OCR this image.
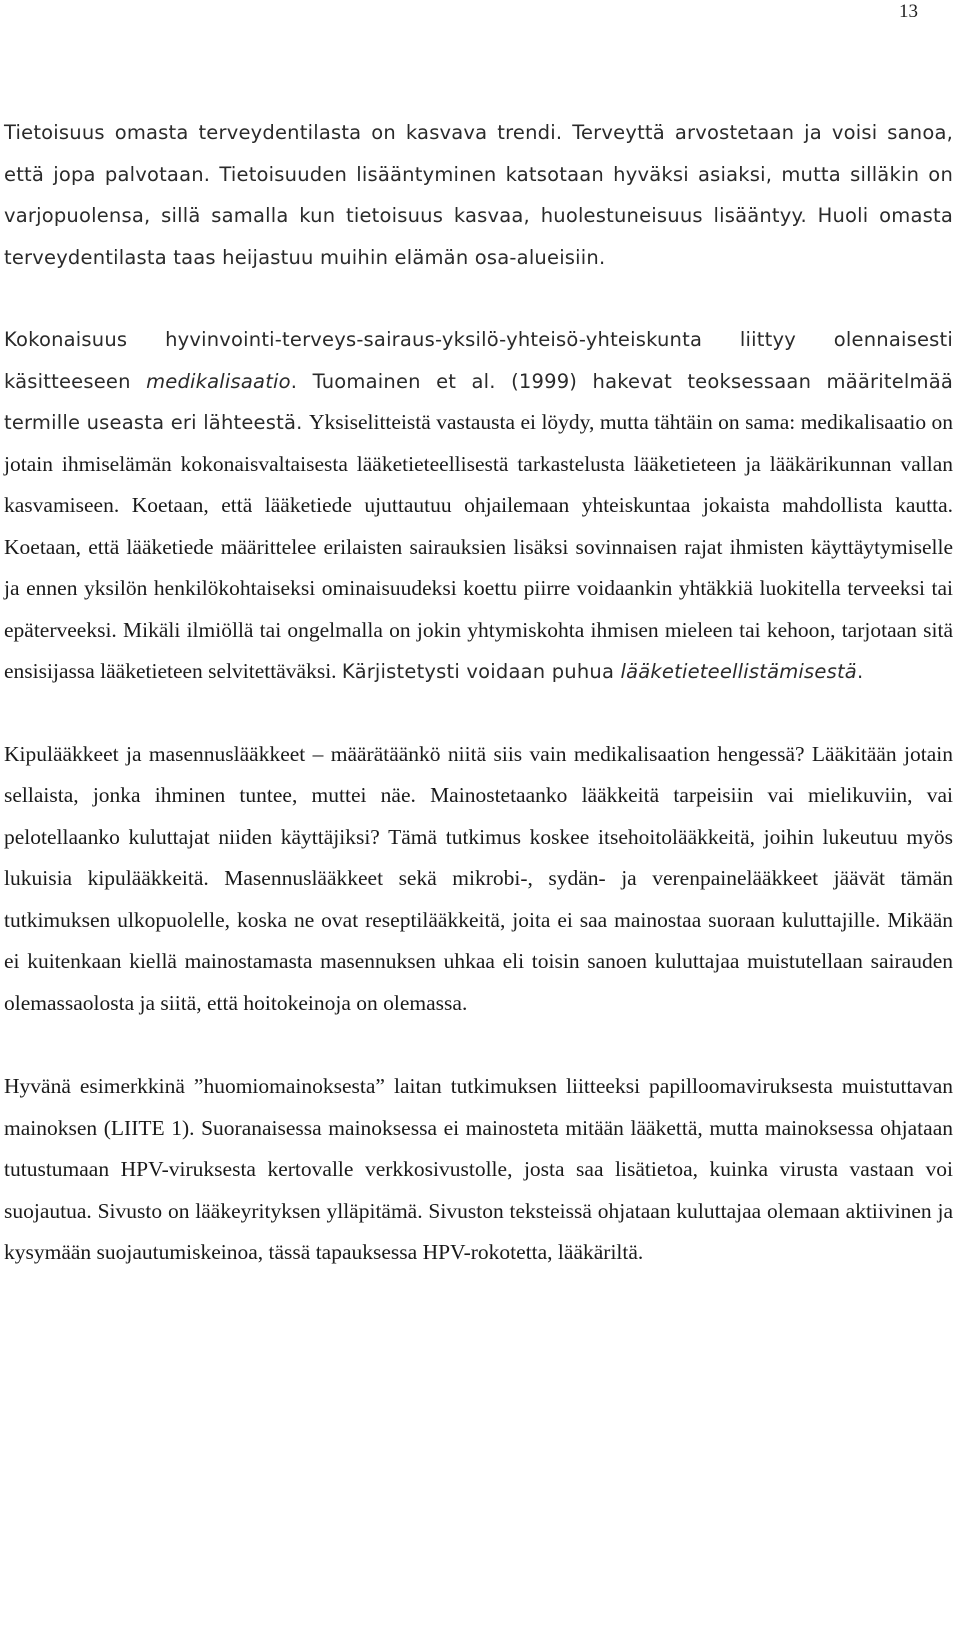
13

Tietoisuus omasta terveydentilasta on kasvava trendi. Terveyttä arvostetaan ja voisi sanoa, että jopa palvotaan. Tietoisuuden lisääntyminen katsotaan hyväksi asiaksi, mutta silläkin on varjopuolensa, sillä samalla kun tietoisuus kasvaa, huolestuneisuus lisääntyy. Huoli omasta terveydentilasta taas heijastuu muihin elämän osa-alueisiin.

Kokonaisuus hyvinvointi-terveys-sairaus-yksilö-yhteisö-yhteiskunta liittyy olennaisesti käsitteeseen medikalisaatio. Tuomainen et al. (1999) hakevat teoksessaan määritelmää termille useasta eri lähteestä. Yksiselitteistä vastausta ei löydy, mutta tähtäin on sama: medikalisaatio on jotain ihmiselämän kokonaisvaltaisesta lääketieteellisestä tarkastelusta lääketieteen ja lääkärikunnan vallan kasvamiseen. Koetaan, että lääketiede ujuttautuu ohjailemaan yhteiskuntaa jokaista mahdollista kautta. Koetaan, että lääketiede määrittelee erilaisten sairauksien lisäksi sovinnaisen rajat ihmisten käyttäytymiselle ja ennen yksilön henkilökohtaiseksi ominaisuudeksi koettu piirre voidaankin yhtäkkiä luokitella terveeksi tai epäterveeksi. Mikäli ilmiöllä tai ongelmalla on jokin yhtymiskohta ihmisen mieleen tai kehoon, tarjotaan sitä ensisijassa lääketieteen selvitettäväksi. Kärjistetysti voidaan puhua lääketieteellistämisestä.

Kipulääkkeet ja masennuslääkkeet – määrätäänkö niitä siis vain medikalisaation hengessä? Lääkitään jotain sellaista, jonka ihminen tuntee, muttei näe. Mainostetaanko lääkkeitä tarpeisiin vai mielikuviin, vai pelotellaanko kuluttajat niiden käyttäjiksi? Tämä tutkimus koskee itsehoitolääkkeitä, joihin lukeutuu myös lukuisia kipulääkkeitä. Masennuslääkkeet sekä mikrobi-, sydän- ja verenpainelääkkeet jäävät tämän tutkimuksen ulkopuolelle, koska ne ovat reseptilääkkeitä, joita ei saa mainostaa suoraan kuluttajille. Mikään ei kuitenkaan kiellä mainostamasta masennuksen uhkaa eli toisin sanoen kuluttajaa muistutellaan sairauden olemassaolosta ja siitä, että hoitokeinoja on olemassa.

Hyvänä esimerkkinä ”huomiomainoksesta” laitan tutkimuksen liitteeksi papilloomaviruksesta muistuttavan mainoksen (LIITE 1). Suoranaisessa mainoksessa ei mainosteta mitään lääkettä, mutta mainoksessa ohjataan tutustumaan HPV-viruksesta kertovalle verkkosivustolle, josta saa lisätietoa, kuinka virusta vastaan voi suojautua. Sivusto on lääkeyrityksen ylläpitämä. Sivuston teksteissä ohjataan kuluttajaa olemaan aktiivinen ja kysymään suojautumiskeinoa, tässä tapauksessa HPV-rokotetta, lääkäriltä.
